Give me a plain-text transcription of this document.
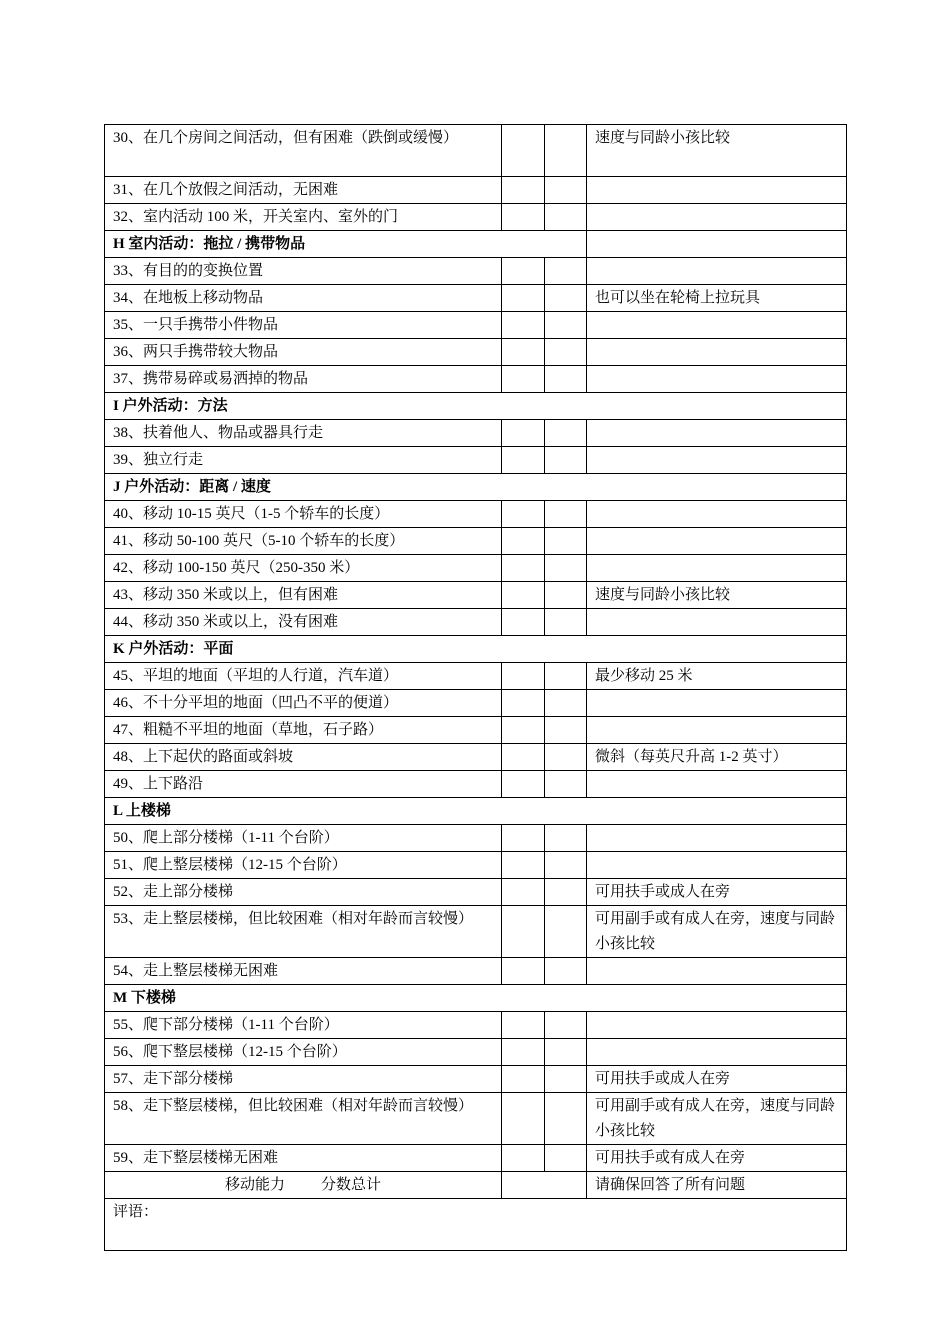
30、在几个房间之间活动，但有困难（跌倒或缓慢）			速度与同龄小孩比较
31、在几个放假之间活动，无困难			
32、室内活动 100 米，开关室内、室外的门			
H 室内活动：拖拉 / 携带物品			
33、有目的的变换位置			
34、在地板上移动物品			也可以坐在轮椅上拉玩具
35、一只手携带小件物品			
36、两只手携带较大物品			
37、携带易碎或易洒掉的物品			
I 户外活动：方法			
38、扶着他人、物品或器具行走			
39、独立行走			
J 户外活动：距离 / 速度			
40、移动 10-15 英尺（1-5 个轿车的长度）			
41、移动 50-100 英尺（5-10 个轿车的长度）			
42、移动 100-150 英尺（250-350 米）			
43、移动 350 米或以上，但有困难			速度与同龄小孩比较
44、移动 350 米或以上，没有困难			
K 户外活动：平面			
45、平坦的地面（平坦的人行道，汽车道）			最少移动 25 米
46、不十分平坦的地面（凹凸不平的便道）			
47、粗糙不平坦的地面（草地，石子路）			
48、上下起伏的路面或斜坡			微斜（每英尺升高 1-2 英寸）
49、上下路沿			
L 上楼梯			
50、爬上部分楼梯（1-11 个台阶）			
51、爬上整层楼梯（12-15 个台阶）			
52、走上部分楼梯			可用扶手或成人在旁
53、走上整层楼梯，但比较困难（相对年龄而言较慢）			可用副手或有成人在旁，速度与同龄小孩比较
54、走上整层楼梯无困难			
M 下楼梯			
55、爬下部分楼梯（1-11 个台阶）			
56、爬下整层楼梯（12-15 个台阶）			
57、走下部分楼梯			可用扶手或成人在旁
58、走下整层楼梯，但比较困难（相对年龄而言较慢）			可用副手或有成人在旁，速度与同龄小孩比较
59、走下整层楼梯无困难			可用扶手或有成人在旁
移动能力 分数总计			请确保回答了所有问题
评语：			
